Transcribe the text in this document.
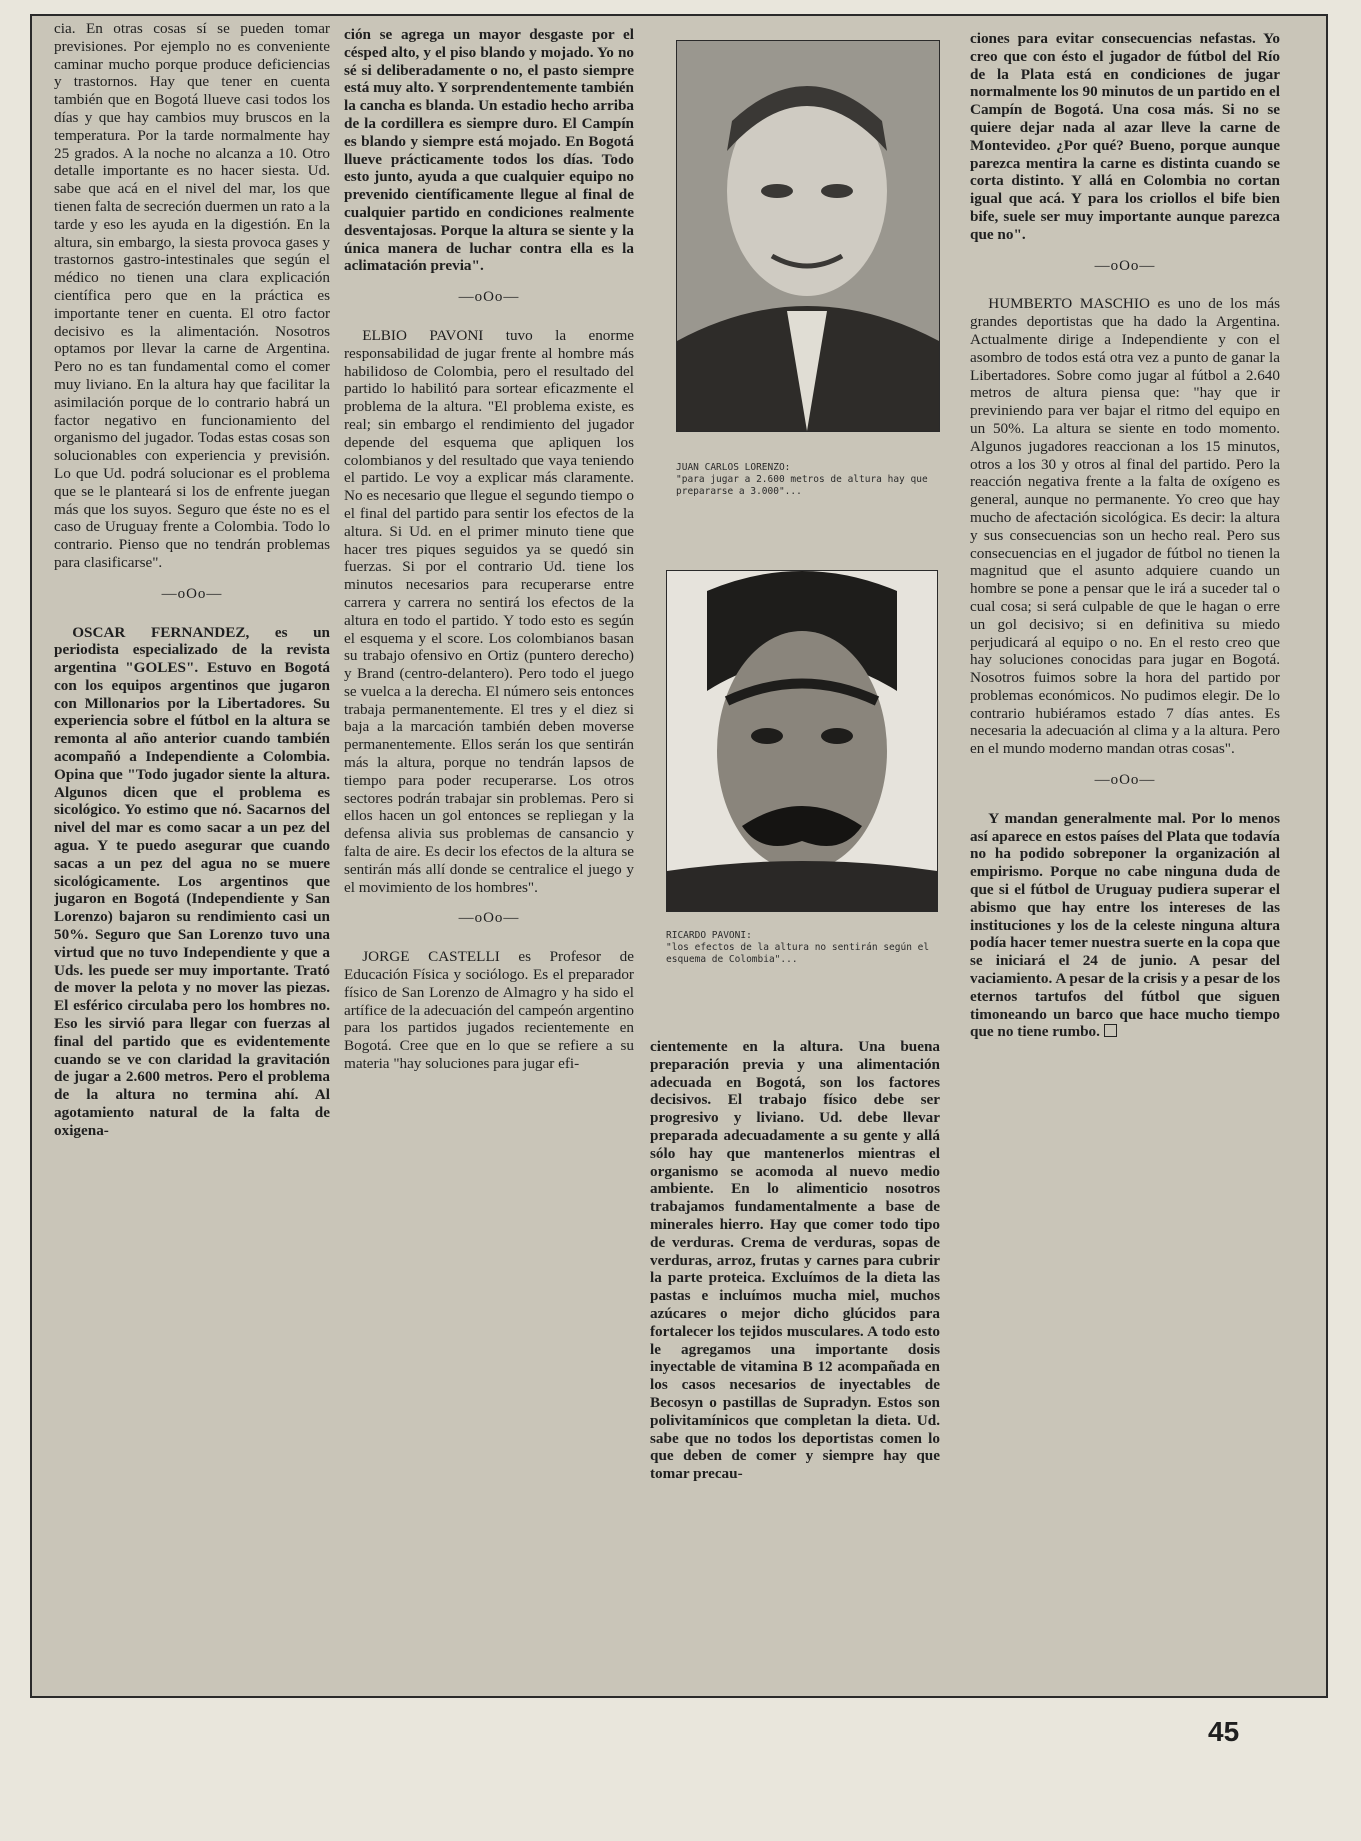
cia. En otras cosas sí se pueden tomar previsiones. Por ejemplo no es conveniente caminar mucho porque produce deficiencias y trastornos. Hay que tener en cuenta también que en Bogotá llueve casi todos los días y que hay cambios muy bruscos en la temperatura. Por la tarde normalmente hay 25 grados. A la noche no alcanza a 10. Otro detalle importante es no hacer siesta. Ud. sabe que acá en el nivel del mar, los que tienen falta de secreción duermen un rato a la tarde y eso les ayuda en la digestión. En la altura, sin embargo, la siesta provoca gases y trastornos gastro-intestinales que según el médico no tienen una clara explicación científica pero que en la práctica es importante tener en cuenta. El otro factor decisivo es la alimentación. Nosotros optamos por llevar la carne de Argentina. Pero no es tan fundamental como el comer muy liviano. En la altura hay que facilitar la asimilación porque de lo contrario habrá un factor negativo en funcionamiento del organismo del jugador. Todas estas cosas son solucionables con experiencia y previsión. Lo que Ud. podrá solucionar es el problema que se le planteará si los de enfrente juegan más que los suyos. Seguro que éste no es el caso de Uruguay frente a Colombia. Todo lo contrario. Pienso que no tendrán problemas para clasificarse".

—oOo—

OSCAR FERNANDEZ, es un periodista especializado de la revista argentina "GOLES". Estuvo en Bogotá con los equipos argentinos que jugaron con Millonarios por la Libertadores. Su experiencia sobre el fútbol en la altura se remonta al año anterior cuando también acompañó a Independiente a Colombia. Opina que "Todo jugador siente la altura. Algunos dicen que el problema es sicológico. Yo estimo que nó. Sacarnos del nivel del mar es como sacar a un pez del agua. Y te puedo asegurar que cuando sacas a un pez del agua no se muere sicológicamente. Los argentinos que jugaron en Bogotá (Independiente y San Lorenzo) bajaron su rendimiento casi un 50%. Seguro que San Lorenzo tuvo una virtud que no tuvo Independiente y que a Uds. les puede ser muy importante. Trató de mover la pelota y no mover las piezas. El esférico circulaba pero los hombres no. Eso les sirvió para llegar con fuerzas al final del partido que es evidentemente cuando se ve con claridad la gravitación de jugar a 2.600 metros. Pero el problema de la altura no termina ahí. Al agotamiento natural de la falta de oxigena-

ción se agrega un mayor desgaste por el césped alto, y el piso blando y mojado. Yo no sé si deliberadamente o no, el pasto siempre está muy alto. Y sorprendentemente también la cancha es blanda. Un estadio hecho arriba de la cordillera es siempre duro. El Campín es blando y siempre está mojado. En Bogotá llueve prácticamente todos los días. Todo esto junto, ayuda a que cualquier equipo no prevenido científicamente llegue al final de cualquier partido en condiciones realmente desventajosas. Porque la altura se siente y la única manera de luchar contra ella es la aclimatación previa".

—oOo—

ELBIO PAVONI tuvo la enorme responsabilidad de jugar frente al hombre más habilidoso de Colombia, pero el resultado del partido lo habilitó para sortear eficazmente el problema de la altura. "El problema existe, es real; sin embargo el rendimiento del jugador depende del esquema que apliquen los colombianos y del resultado que vaya teniendo el partido. Le voy a explicar más claramente. No es necesario que llegue el segundo tiempo o el final del partido para sentir los efectos de la altura. Si Ud. en el primer minuto tiene que hacer tres piques seguidos ya se quedó sin fuerzas. Si por el contrario Ud. tiene los minutos necesarios para recuperarse entre carrera y carrera no sentirá los efectos de la altura en todo el partido. Y todo esto es según el esquema y el score. Los colombianos basan su trabajo ofensivo en Ortiz (puntero derecho) y Brand (centro-delantero). Pero todo el juego se vuelca a la derecha. El número seis entonces trabaja permanentemente. El tres y el diez si baja a la marcación también deben moverse permanentemente. Ellos serán los que sentirán más la altura, porque no tendrán lapsos de tiempo para poder recuperarse. Los otros sectores podrán trabajar sin problemas. Pero si ellos hacen un gol entonces se repliegan y la defensa alivia sus problemas de cansancio y falta de aire. Es decir los efectos de la altura se sentirán más allí donde se centralice el juego y el movimiento de los hombres".

—oOo—

JORGE CASTELLI es Profesor de Educación Física y sociólogo. Es el preparador físico de San Lorenzo de Almagro y ha sido el artífice de la adecuación del campeón argentino para los partidos jugados recientemente en Bogotá. Cree que en lo que se refiere a su materia "hay soluciones para jugar efi-

JUAN CARLOS LORENZO:
"para jugar a 2.600 metros de altura hay que prepararse a 3.000"...
RICARDO PAVONI:
"los efectos de la altura no sentirán según el esquema de Colombia"...

cientemente en la altura. Una buena preparación previa y una alimentación adecuada en Bogotá, son los factores decisivos. El trabajo físico debe ser progresivo y liviano. Ud. debe llevar preparada adecuadamente a su gente y allá sólo hay que mantenerlos mientras el organismo se acomoda al nuevo medio ambiente. En lo alimenticio nosotros trabajamos fundamentalmente a base de minerales hierro. Hay que comer todo tipo de verduras. Crema de verduras, sopas de verduras, arroz, frutas y carnes para cubrir la parte proteica. Excluímos de la dieta las pastas e incluímos mucha miel, muchos azúcares o mejor dicho glúcidos para fortalecer los tejidos musculares. A todo esto le agregamos una importante dosis inyectable de vitamina B 12 acompañada en los casos necesarios de inyectables de Becosyn o pastillas de Supradyn. Estos son polivitamínicos que completan la dieta. Ud. sabe que no todos los deportistas comen lo que deben de comer y siempre hay que tomar precau-

ciones para evitar consecuencias nefastas. Yo creo que con ésto el jugador de fútbol del Río de la Plata está en condiciones de jugar normalmente los 90 minutos de un partido en el Campín de Bogotá. Una cosa más. Si no se quiere dejar nada al azar lleve la carne de Montevideo. ¿Por qué? Bueno, porque aunque parezca mentira la carne es distinta cuando se corta distinto. Y allá en Colombia no cortan igual que acá. Y para los criollos el bife bien bife, suele ser muy importante aunque parezca que no".

—oOo—

HUMBERTO MASCHIO es uno de los más grandes deportistas que ha dado la Argentina. Actualmente dirige a Independiente y con el asombro de todos está otra vez a punto de ganar la Libertadores. Sobre como jugar al fútbol a 2.640 metros de altura piensa que: "hay que ir previniendo para ver bajar el ritmo del equipo en un 50%. La altura se siente en todo momento. Algunos jugadores reaccionan a los 15 minutos, otros a los 30 y otros al final del partido. Pero la reacción negativa frente a la falta de oxígeno es general, aunque no permanente. Yo creo que hay mucho de afectación sicológica. Es decir: la altura y sus consecuencias son un hecho real. Pero sus consecuencias en el jugador de fútbol no tienen la magnitud que el asunto adquiere cuando un hombre se pone a pensar que le irá a suceder tal o cual cosa; si será culpable de que le hagan o erre un gol decisivo; si en definitiva su miedo perjudicará al equipo o no. En el resto creo que hay soluciones conocidas para jugar en Bogotá. Nosotros fuimos sobre la hora del partido por problemas económicos. No pudimos elegir. De lo contrario hubiéramos estado 7 días antes. Es necesaria la adecuación al clima y a la altura. Pero en el mundo moderno mandan otras cosas".

—oOo—

Y mandan generalmente mal. Por lo menos así aparece en estos países del Plata que todavía no ha podido sobreponer la organización al empirismo. Porque no cabe ninguna duda de que si el fútbol de Uruguay pudiera superar el abismo que hay entre los intereses de las instituciones y los de la celeste ninguna altura podía hacer temer nuestra suerte en la copa que se iniciará el 24 de junio. A pesar del vaciamiento. A pesar de la crisis y a pesar de los eternos tartufos del fútbol que siguen timoneando un barco que hace mucho tiempo que no tiene rumbo.

45
